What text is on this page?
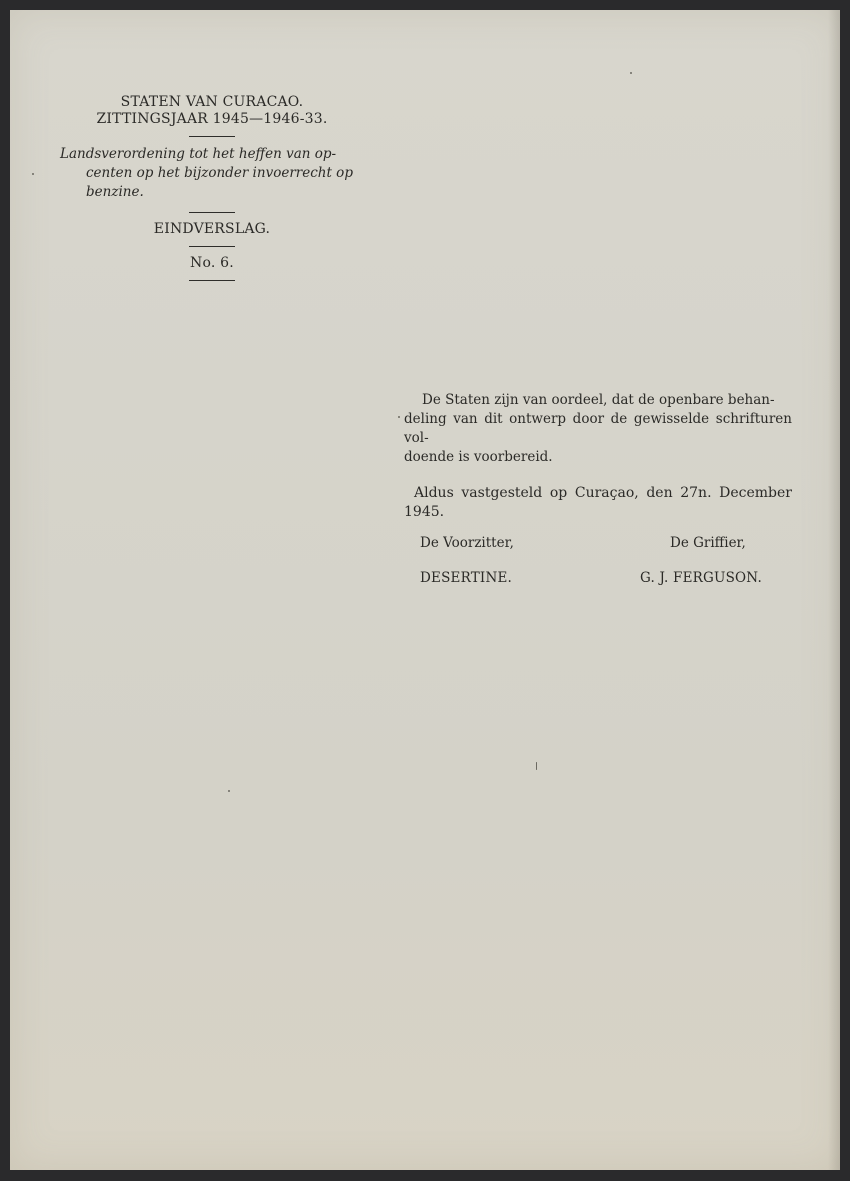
STATEN VAN CURACAO.
ZITTINGSJAAR 1945—1946-33.
Landsverordening tot het heffen van op-
centen op het bijzonder invoerrecht op
benzine.
EINDVERSLAG.
No. 6.
De Staten zijn van oordeel, dat de openbare behan-
deling van dit ontwerp door de gewisselde schrifturen vol-
doende is voorbereid.
Aldus vastgesteld op Curaçao, den 27n. December 1945.
De Voorzitter,	De Griffier,
DESERTINE.	G. J. FERGUSON.
